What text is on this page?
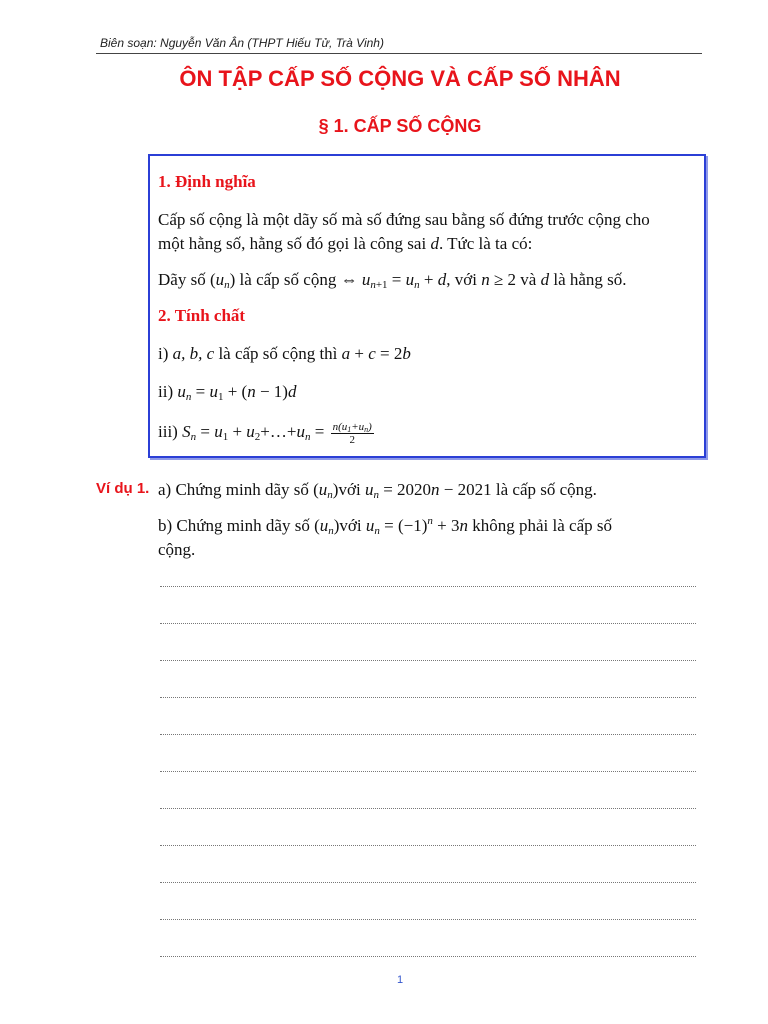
Biên soạn: Nguyễn Văn Ân (THPT Hiếu Tử, Trà Vinh)
ÔN TẬP CẤP SỐ CỘNG VÀ CẤP SỐ NHÂN
§ 1. CẤP SỐ CỘNG
1. Định nghĩa
Cấp số cộng là một dãy số mà số đứng sau bằng số đứng trước cộng cho
một hằng số, hằng số đó gọi là công sai d. Tức là ta có:
Dãy số $(u_n)$ là cấp số cộng ⇔ $u_{n+1} = u_n + d$, với n ≥ 2 và d là hằng số.
2. Tính chất
i) a, b, c là cấp số cộng thì a + c = 2b
ii) $u_n = u_1 + (n - 1)d$
iii) $S_n = u_1$ + $u_2+\dots+u_n = \frac{n(u_1+u_n)}{2}$
Ví dụ 1. a) Chứng minh dãy số $(u_n)với$ $u_n = 2020n - 2021$ là cấp số cộng.
b) Chứng minh dãy số $(u_n)với$ $u_n = (-1)^n + 3n$ không phải là cấp số
cộng.
1
